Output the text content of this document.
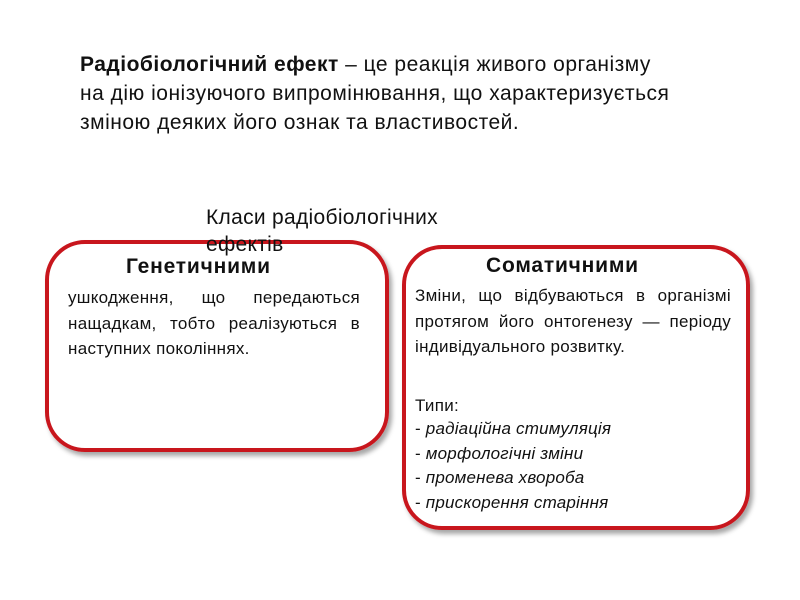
Радіобіологічний ефект – це реакція живого організму на дію іонізуючого випромінювання, що характеризується зміною деяких його ознак та властивостей.
Класи радіобіологічних ефектів
Генетичними
ушкодження, що передаються нащадкам, тобто реалізуються в наступних поколіннях.
Соматичними
Зміни, що відбуваються в організмі протягом його онтогенезу — періоду індивідуального розвитку.
Типи:
- радіаційна стимуляція
- морфологічні зміни
- променева хвороба
- прискорення старіння
